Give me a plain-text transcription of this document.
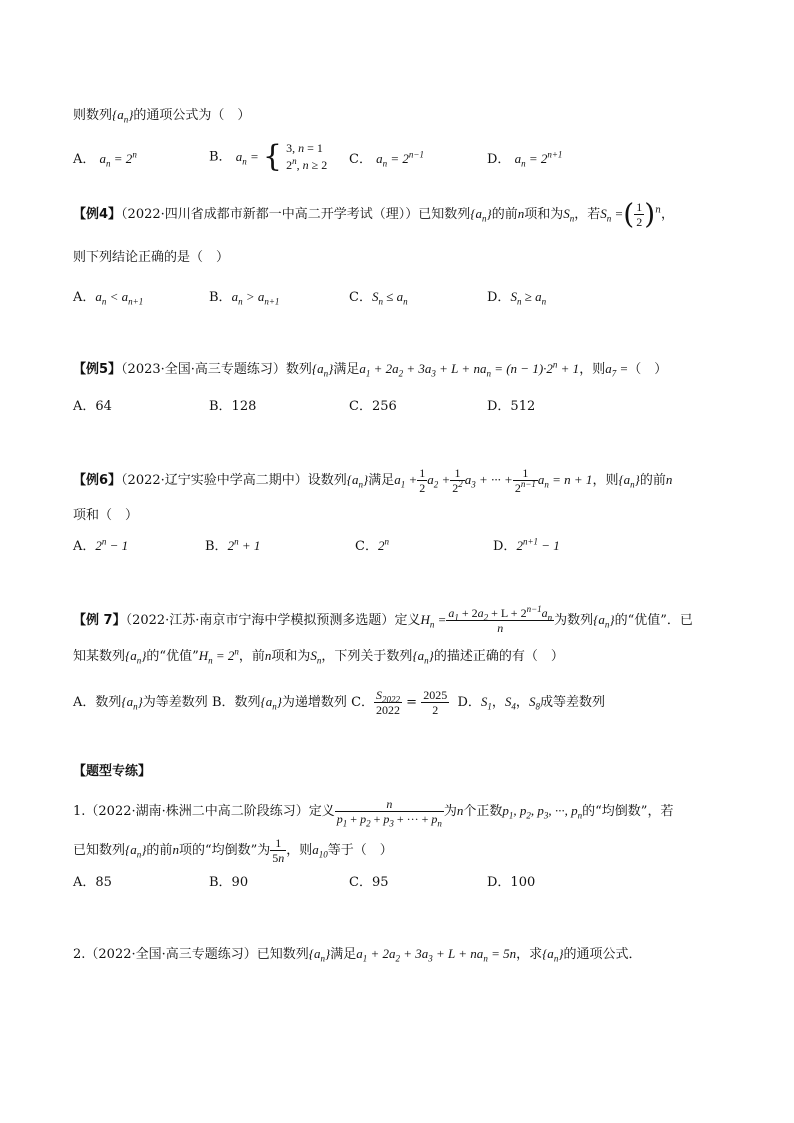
则数列$\{a_n\}$的通项公式为（　）
A． $a_n = 2^n$	B． $a_n$ = { 3, n = 1
2$^n$, n ≥ 2 C． $a_n = 2^{n-1}$	D． $a_n = 2^{n+1}$
【例4】（2022·四川省成都市新都一中高二开学考试（理））已知数列$\{a_n\}$的前n项和为$S_n$，若$S_n$ =( $\frac{1}{2} )^n$，
则下列结论正确的是（　）
A．$a_n < a_{n+1}$	B．$a_n > a_{n+1}$	C．$S_n \le a_n$	D．$S_n \ge a_n$
【例5】（2023·全国·高三专题练习）数列$\{a_n\}$满足$a_1 + 2a_2 + 3a_3 + L + na_n = (n - 1)\cdot 2^n + 1$，则$a_7$ =（　）
A．64	B．128	C．256	D．512
【例6】（2022·辽宁实验中学高二期中）设数列$\{a_n\}$满足$a_1 + \frac{1}{2} a_2 + \frac{1}{2^2} a_3$ + ··· + $\frac{1}{2^{n-1}} a_n = n + 1$，则$\{a_n\}$的前n
项和（　）
A．$2^n - 1$	B．$2^n + 1$	C．2$^n$	D．$2^{n+1} - 1$
【例 7】（2022·江苏·南京市宁海中学模拟预测多选题）定义$H_n = \frac{a_1 + 2a_2 + L + 2^{n-1}a_n}{n}$ 为数列$\{a_n\}$的“优值”．已
知某数列$\{a_n\}$的“优值$”H_n = 2^n$，前n项和为$S_n$，下列关于数列$\{a_n\}$的描述正确的有（　）
A．数列$\{a_n\}$为等差数列 B．数列$\{a_n\}$为递增数列 C． $\frac{S_{2022}}{2022} = \frac{2025}{2}$ D．$S_1$，$S_4$，$S_8$成等差数列
【题型专练】
1.（2022·湖南·株洲二中高二阶段练习）定义 $\frac{n}{p_1 + p_2 + p_3 + \cdot\cdot\cdot + p_n}$ 为n个正数$p_1$, $p_2$, $p_3$, ···, $p_n$的“均倒数”，若
已知数列$\{a_n\}$的前n项的“均倒数”为 $\frac{1}{5n}$ ，则$a_{10}$等于（　）
A．85	B．90	C．95	D．100
2.（2022·全国·高三专题练习）已知数列$\{a_n\}$满足$a_1 + 2a_2 + 3a_3 + L + na_n = 5n$，求$\{a_n\}$的通项公式．
